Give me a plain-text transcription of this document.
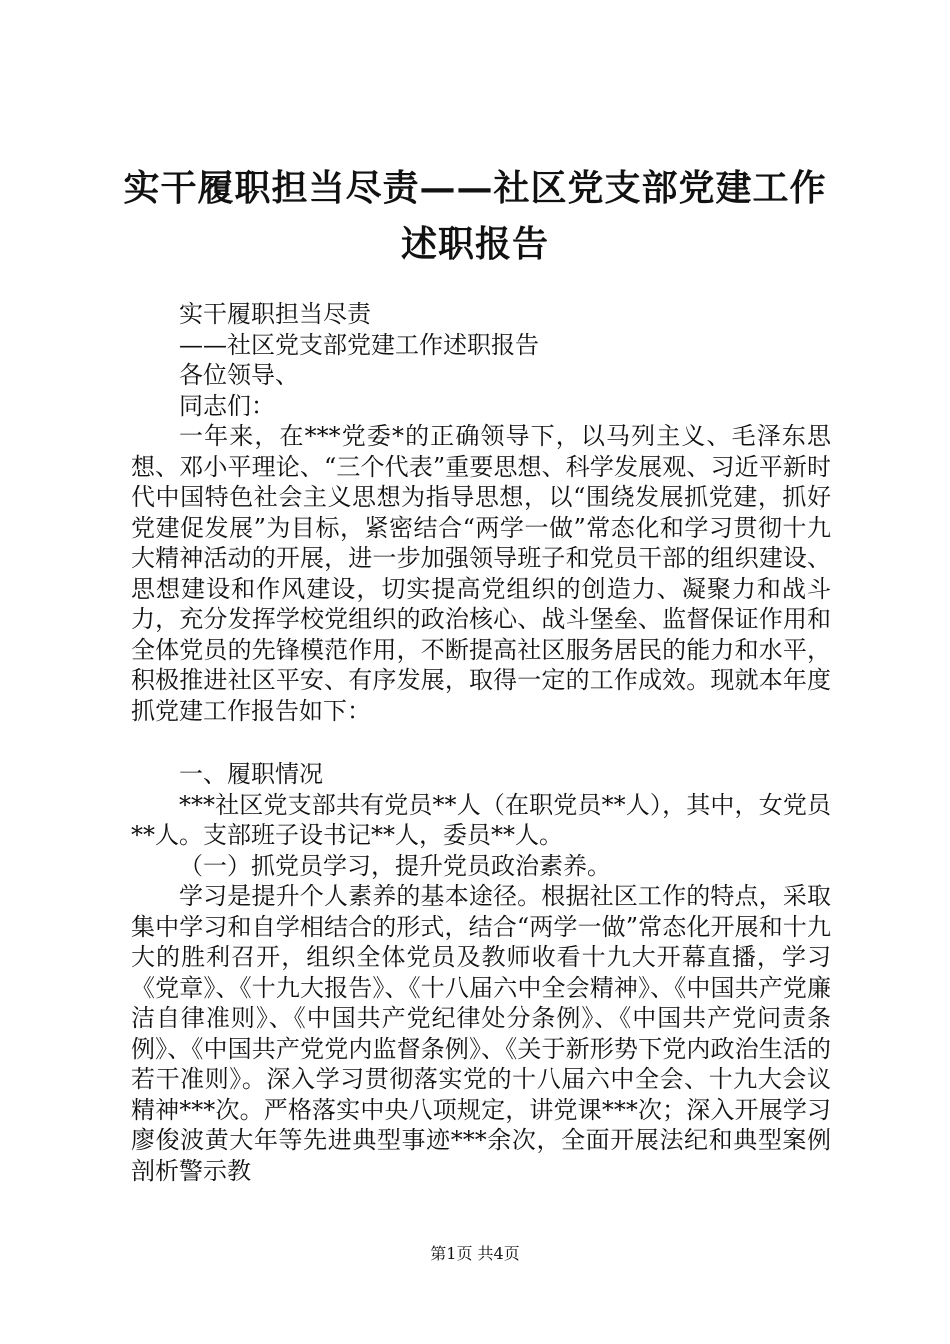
实干履职担当尽责——社区党支部党建工作述职报告

实干履职担当尽责

——社区党支部党建工作述职报告

各位领导、

同志们：

一年来，在***党委*的正确领导下，以马列主义、毛泽东思想、邓小平理论、“三个代表”重要思想、科学发展观、习近平新时代中国特色社会主义思想为指导思想，以“围绕发展抓党建，抓好党建促发展”为目标，紧密结合“两学一做”常态化和学习贯彻十九大精神活动的开展，进一步加强领导班子和党员干部的组织建设、思想建设和作风建设，切实提高党组织的创造力、凝聚力和战斗力，充分发挥学校党组织的政治核心、战斗堡垒、监督保证作用和全体党员的先锋模范作用，不断提高社区服务居民的能力和水平，积极推进社区平安、有序发展，取得一定的工作成效。现就本年度抓党建工作报告如下：

一、履职情况

***社区党支部共有党员**人（在职党员**人），其中，女党员**人。支部班子设书记**人，委员**人。

（一）抓党员学习，提升党员政治素养。

学习是提升个人素养的基本途径。根据社区工作的特点，采取集中学习和自学相结合的形式，结合“两学一做”常态化开展和十九大的胜利召开，组织全体党员及教师收看十九大开幕直播，学习《党章》、《十九大报告》、《十八届六中全会精神》、《中国共产党廉洁自律准则》、《中国共产党纪律处分条例》、《中国共产党问责条例》、《中国共产党党内监督条例》、《关于新形势下党内政治生活的若干准则》。深入学习贯彻落实党的十八届六中全会、十九大会议精神***次。严格落实中央八项规定，讲党课***次；深入开展学习廖俊波黄大年等先进典型事迹***余次，全面开展法纪和典型案例剖析警示教

第1页 共4页
